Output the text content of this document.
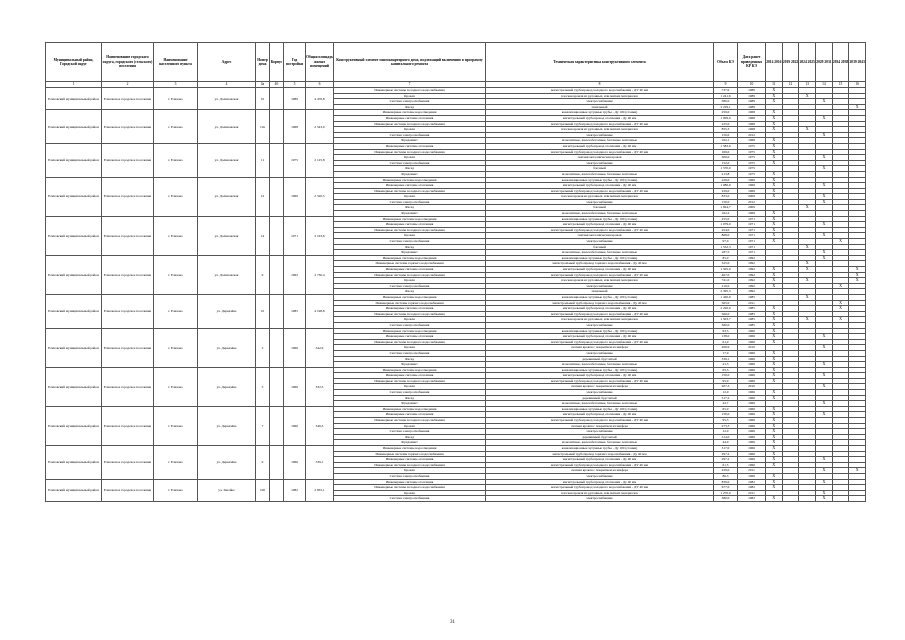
Муниципальный район, Городской округ	Наименование городского округа, городского (сельского) поселения	Наименование населенного пункта	Адрес	Номер дома	Корпус	Год постройки	Общая площадь жилых помещений	Конструктивный элемент многоквартирного дома, подлежащий включению в программу капитального ремонта	Техническая характеристика конструктивного элемента	Объем КЭ	Дата ранее проведенных КР КЭ	2014 2016	2019 2022	2024 2025	2029 2031	2034 2038	2039 2043
1	2	3	4	4а	4б	5	6	7	8	9	10	11	12	13	14	15	16
Елизовский муниципальный район	Елизовское городское поселение	г. Елизово	ул. Долиновская	10		1989	4 476,8	Инженерные системы холодного водоснабжения	магистральный трубопровод холодного водоснабжения - ДУ 40 мм	737,0	1989	X					
								Кровля	плоская кровля из рулонных, или мягких материалов	1 241,6	1989	X		X			
								Система электроснабжения	электроснабжение	580,0	1989	X			X		
								Фасад	панельный	3 229,1	1989						X
Елизовский муниципальный район	Елизовское городское поселение	г. Елизово	ул. Долиновская	10а		1968	2 543,0	Инженерные системы водоотведения	канализационные чугунные трубы - Ду 100 (стояки)	259,0	1968	X					
								Инженерные системы отопления	магистральный трубопровод отопления - Ду 40 мм	1 009,0	1968	X			X		
								Инженерные системы холодного водоснабжения	магистральный трубопровод холодного водоснабжения - ДУ 40 мм	225,0	1968	X					
								Кровля	плоская кровля из рулонных, или мягких материалов	855,3	1968	X		X			
								Система электроснабжения	электроснабжение	150,0	2012				X		
								Фундамент	монолитные, железобетонные, бетонные ленточные	162,1	1968	X					
Елизовский муниципальный район	Елизовское городское поселение	г. Елизово	ул. Долиновская	11		1975	2 125,8	Инженерные системы отопления	магистральный трубопровод отопления - Ду 40 мм	1 583,0	1975	X					
								Инженерные системы холодного водоснабжения	магистральный трубопровод холодного водоснабжения - ДУ 40 мм	169,0	1975	X					
								Кровля	скатная металлическая кровля	306,0	1975	X			X		
								Система электроснабжения	электроснабжение	152,0	1975	X					
								Фасад	блочный	1 570,0	1975				X		
								Фундамент	монолитные, железобетонные, бетонные ленточные	213,8	1975	X					
Елизовский муниципальный район	Елизовское городское поселение	г. Елизово	ул. Долиновская	12		1969	2 520,5	Инженерные системы водоотведения	канализационные чугунные трубы - Ду 100 (стояки)	229,0	1969	X					
								Инженерные системы отопления	магистральный трубопровод отопления - Ду 40 мм	1 080,0	1969	X			X		
								Инженерные системы холодного водоснабжения	магистральный трубопровод холодного водоснабжения - ДУ 40 мм	229,0	1969	X					
								Кровля	плоская кровля из рулонных, или мягких материалов	833,0	2009	X			X		
								Система электроснабжения	электроснабжение	150,0	2012				X		
								Фасад	блочный	1 824,7	2009			X			
								Фундамент	монолитные, железобетонные, бетонные ленточные	162,2	1969	X					
Елизовский муниципальный район	Елизовское городское поселение	г. Елизово	ул. Долиновская	14		1971	2 193,6	Инженерные системы водоотведения	канализационные чугунные трубы - Ду 100 (стояки)	255,0	1971	X					
								Инженерные системы отопления	магистральный трубопровод отопления - Ду 40 мм	1 079,0	1971	X			X		
								Инженерные системы холодного водоснабжения	магистральный трубопровод холодного водоснабжения - ДУ 40 мм	254,0	1971	X					
								Кровля	скатная металлическая кровля	868,0	1971	X			X		
								Система электроснабжения	электроснабжение	97,0	1971	X				X	
								Фасад	блочный	1 532,3	1971			X			
								Фундамент	монолитные, железобетонные, бетонные ленточные	187,5	1971				X		
Елизовский муниципальный район	Елизовское городское поселение	г. Елизово	ул. Долиновская	9		1992	2 730,4	Инженерные системы водоотведения	канализационные чугунные трубы - Ду 100 (стояки)	85,0	1992				X		
								Инженерные системы горячего водоснабжения	магистральный трубопровод горячего водоснабжения - Ду 40 мм	325,0	1992			X			
								Инженерные системы отопления	магистральный трубопровод отопления - Ду 40 мм	1 505,0	1992	X		X			X
								Инженерные системы холодного водоснабжения	магистральный трубопровод холодного водоснабжения - ДУ 40 мм	467,0	1992	X					X
								Кровля	плоская кровля из рулонных, или мягких материалов	741,0	1992	X		X			X
								Система электроснабжения	электроснабжение	210,0	1992	X				X	
								Фасад	панельный	2 395,3	1992						
Елизовский муниципальный район	Елизовское городское поселение	г. Елизово	ул. Деркачёва	10		1985	4 198,8	Инженерные системы водоотведения	канализационные чугунные трубы - Ду 100 (стояки)	1 420,0	1985			X			
								Инженерные системы горячего водоснабжения	магистральный трубопровод горячего водоснабжения - Ду 40 мм	565,0	2011					X	
								Инженерные системы отопления	магистральный трубопровод отопления - Ду 40 мм	2 220,0	1985	X				X	
								Инженерные системы холодного водоснабжения	магистральный трубопровод холодного водоснабжения - ДУ 40 мм	560,0	1985	X					
								Кровля	плоская кровля из рулонных, или мягких материалов	1 503,7	1985	X		X		X	
								Система электроснабжения	электроснабжение	360,0	1985	X					
Елизовский муниципальный район	Елизовское городское поселение	г. Елизово	ул. Деркачёва	3		1966	342,9	Инженерные системы водоотведения	канализационные чугунные трубы - Ду 100 (стояки)	63,5	1966	X					
								Инженерные системы отопления	магистральный трубопровод отопления - Ду 40 мм	138,0	1966	X			X		
								Инженерные системы холодного водоснабжения	магистральный трубопровод холодного водоснабжения - ДУ 40 мм	61,0	1966	X					
								Кровля	скатная кровля с покрытием из шифера	206,9	2010				X		
								Система электроснабжения	электроснабжение	17,0	1966	X					
								Фасад	деревянный, брусчатый	339,1	1966	X					
								Фундамент	монолитные, железобетонные, бетонные ленточные	41,5	1966	X			X		
Елизовский муниципальный район	Елизовское городское поселение	г. Елизово	ул. Деркачёва	5		1966	332,5	Инженерные системы водоотведения	канализационные чугунные трубы - Ду 100 (стояки)	65,3	1966	X					
								Инженерные системы отопления	магистральный трубопровод отопления - Ду 40 мм	150,0	1966	X			X		
								Инженерные системы холодного водоснабжения	магистральный трубопровод холодного водоснабжения - ДУ 40 мм	95,0	1966	X					
								Кровля	скатная кровля с покрытием из шифера	207,3	2010				X		
								Система электроснабжения	электроснабжение	12,0	1966	X					
								Фасад	деревянный, брусчатый	317,2	1966	X					
								Фундамент	монолитные, железобетонные, бетонные ленточные	43,7	1966				X		
Елизовский муниципальный район	Елизовское городское поселение	г. Елизово	ул. Деркачёва	7		1966	346,3	Инженерные системы водоотведения	канализационные чугунные трубы - Ду 100 (стояки)	65,0	1966	X					
								Инженерные системы отопления	магистральный трубопровод отопления - Ду 40 мм	150,0	1966	X			X		
								Инженерные системы холодного водоснабжения	магистральный трубопровод холодного водоснабжения - ДУ 40 мм	95,3	1966	X					
								Кровля	скатная кровля с покрытием из шифера	273,3	1966	X					
								Система электроснабжения	электроснабжение	12,0	1966	X					
								Фасад	деревянный, брусчатый	314,0	1966	X					
								Фундамент	монолитные, железобетонные, бетонные ленточные	44,0	1966	X					
Елизовский муниципальный район	Елизовское городское поселение	г. Елизово	ул. Деркачёва	9		1966	339,1	Инженерные системы водоотведения	канализационные чугунные трубы - Ду 100 (стояки)	317,0	1966	X					
								Инженерные системы горячего водоснабжения	магистральный трубопровод горячего водоснабжения - Ду 40 мм	297,2	1966	X					
								Инженерные системы отопления	магистральный трубопровод отопления - Ду 40 мм	297,2	1966	X			X		
								Инженерные системы холодного водоснабжения	магистральный трубопровод холодного водоснабжения - ДУ 40 мм	61,5	1966	X					
								Кровля	скатная кровля с покрытием из шифера	229,0	2011				X		X
								Система электроснабжения	электроснабжение	86,3	1966	X					
Елизовский муниципальный район	Елизовское городское поселение	г. Елизово	ул. Завойко	100		1982	2 835,1	Инженерные системы отопления	магистральный трубопровод отопления - Ду 40 мм	839,0	1982	X			X		
								Инженерные системы холодного водоснабжения	магистральный трубопровод холодного водоснабжения - ДУ 40 мм	677,0	1982	X					
								Кровля	плоская кровля из рулонных, или мягких материалов	1 270,0	2011				X		
								Система электроснабжения	электроснабжение	380,0	1982	X			X		
31
